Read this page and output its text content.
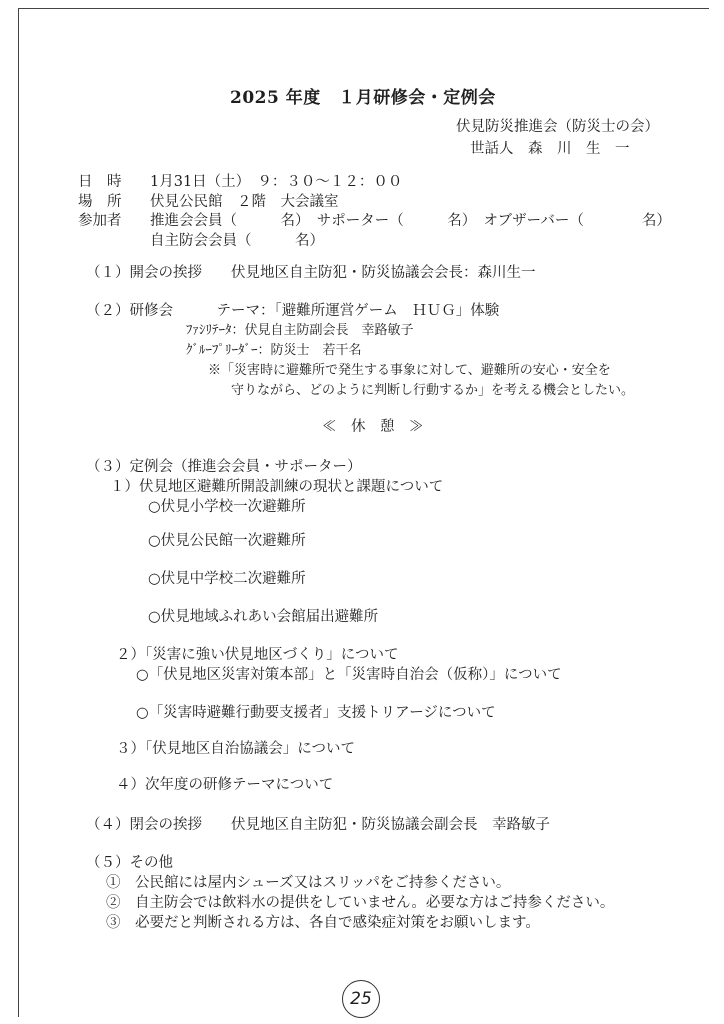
2025 年度　１月研修会・定例会
伏見防災推進会（防災士の会）
世話人　森　川　生　一
日　時 1月31日（土）　９：３０～１２：００
場　所 伏見公民館　２階　大会議室
参加者 推進会会員（　　　名）　サポーター（　　　名）　オブザーバー（　　　　名）
自主防会会員（　　　名）
（１）開会の挨拶　　伏見地区自主防犯・防災協議会会長：森川生一
（２）研修会　　　テーマ：「避難所運営ゲーム　ＨＵＧ」体験
ﾌｧｼﾘﾃｰﾀ：伏見自主防副会長　幸路敏子
ｸﾞﾙｰﾌﾟﾘｰﾀﾞｰ：防災士　若干名
※「災害時に避難所で発生する事象に対して、避難所の安心・安全を
守りながら、どのように判断し行動するか」を考える機会としたい。
≪　休　憩　≫
（３）定例会（推進会会員・サポーター）
１）伏見地区避難所開設訓練の現状と課題について
○伏見小学校一次避難所
○伏見公民館一次避難所
○伏見中学校二次避難所
○伏見地域ふれあい会館届出避難所
２）「災害に強い伏見地区づくり」について
○「伏見地区災害対策本部」と「災害時自治会（仮称）」について
○「災害時避難行動要支援者」支援トリアージについて
３）「伏見地区自治協議会」について
４）次年度の研修テーマについて
（４）閉会の挨拶　　伏見地区自主防犯・防災協議会副会長　幸路敏子
（５）その他
①　公民館には屋内シューズ又はスリッパをご持参ください。
②　自主防会では飲料水の提供をしていません。必要な方はご持参ください。
③　必要だと判断される方は、各自で感染症対策をお願いします。
25
